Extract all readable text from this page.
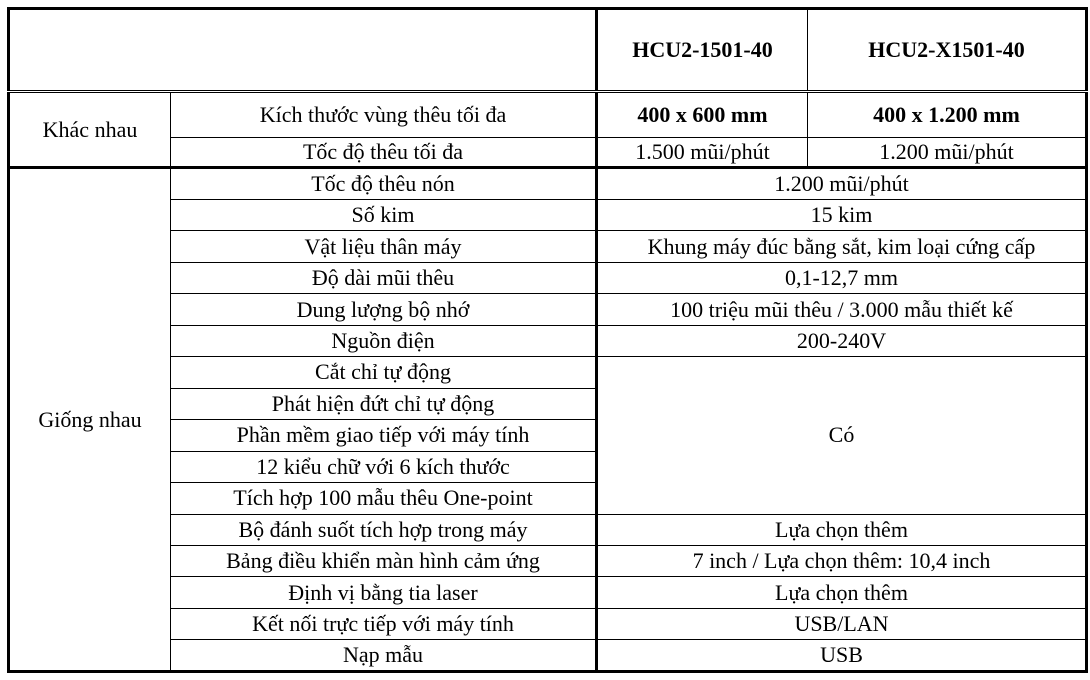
		HCU2-1501-40	HCU2-X1501-40
Khác nhau	Kích thước vùng thêu tối đa	400 x 600 mm	400 x 1.200 mm
	Tốc độ thêu tối đa	1.500 mũi/phút	1.200 mũi/phút
Giống nhau	Tốc độ thêu nón	1.200 mũi/phút	
	Số kim	15 kim	
	Vật liệu thân máy	Khung máy đúc bằng sắt, kim loại cứng cấp	
	Độ dài mũi thêu	0,1-12,7 mm	
	Dung lượng bộ nhớ	100 triệu mũi thêu / 3.000 mẫu thiết kế	
	Nguồn điện	200-240V	
	Cắt chỉ tự động	Có	
	Phát hiện đứt chỉ tự động		
	Phần mềm giao tiếp với máy tính		
	12 kiểu chữ với 6 kích thước		
	Tích hợp 100 mẫu thêu One-point		
	Bộ đánh suốt tích hợp trong máy	Lựa chọn thêm	
	Bảng điều khiển màn hình cảm ứng	7 inch / Lựa chọn thêm: 10,4 inch	
	Định vị bằng tia laser	Lựa chọn thêm	
	Kết nối trực tiếp với máy tính	USB/LAN	
	Nạp mẫu	USB	
